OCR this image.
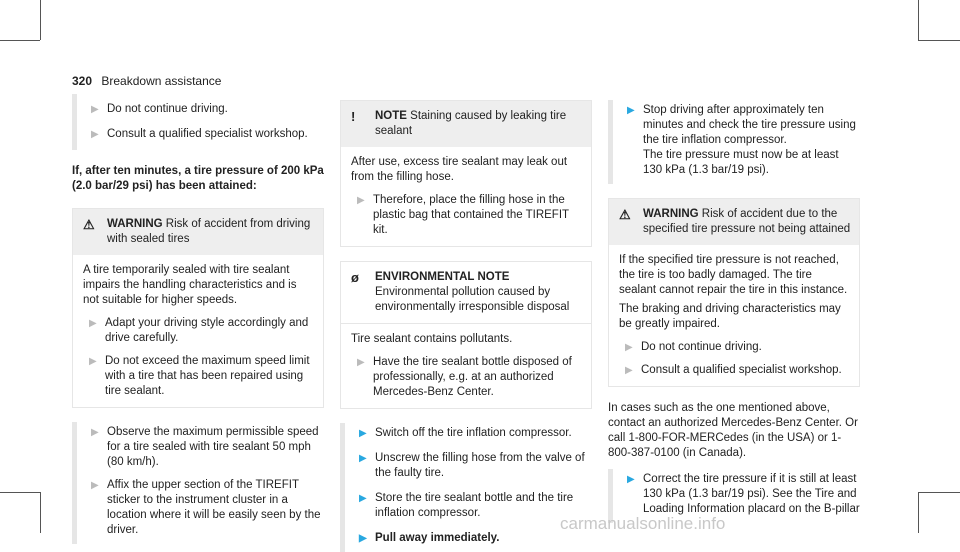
320 Breakdown assistance

▶ Do not continue driving.

▶ Consult a qualified specialist workshop.

If, after ten minutes, a tire pressure of 200 kPa (2.0 bar/29 psi) has been attained:

⚠ WARNING Risk of accident from driving with sealed tires

A tire temporarily sealed with tire sealant impairs the handling characteristics and is not suitable for higher speeds.

▶ Adapt your driving style accordingly and drive carefully.

▶ Do not exceed the maximum speed limit with a tire that has been repaired using tire sealant.

▶ Observe the maximum permissible speed for a tire sealed with tire sealant 50 mph (80 km/h).

▶ Affix the upper section of the TIREFIT sticker to the instrument cluster in a location where it will be easily seen by the driver.

! NOTE Staining caused by leaking tire sealant

After use, excess tire sealant may leak out from the filling hose.

▶ Therefore, place the filling hose in the plastic bag that contained the TIREFIT kit.

ø ENVIRONMENTAL NOTE Environmental pollution caused by environmentally irresponsible disposal

Tire sealant contains pollutants.

▶ Have the tire sealant bottle disposed of professionally, e.g. at an authorized Mercedes-Benz Center.

▶ Switch off the tire inflation compressor.

▶ Unscrew the filling hose from the valve of the faulty tire.

▶ Store the tire sealant bottle and the tire inflation compressor.

▶ Pull away immediately.

▶ Stop driving after approximately ten minutes and check the tire pressure using the tire inflation compressor.
The tire pressure must now be at least 130 kPa (1.3 bar/19 psi).

⚠ WARNING Risk of accident due to the specified tire pressure not being attained

If the specified tire pressure is not reached, the tire is too badly damaged. The tire sealant cannot repair the tire in this instance.

The braking and driving characteristics may be greatly impaired.

▶ Do not continue driving.

▶ Consult a qualified specialist workshop.

In cases such as the one mentioned above, contact an authorized Mercedes-Benz Center. Or call 1-800-FOR-MERCedes (in the USA) or 1-800-387-0100 (in Canada).

▶ Correct the tire pressure if it is still at least 130 kPa (1.3 bar/19 psi). See the Tire and Loading Information placard on the B-pillar

carmanualsonline.info
